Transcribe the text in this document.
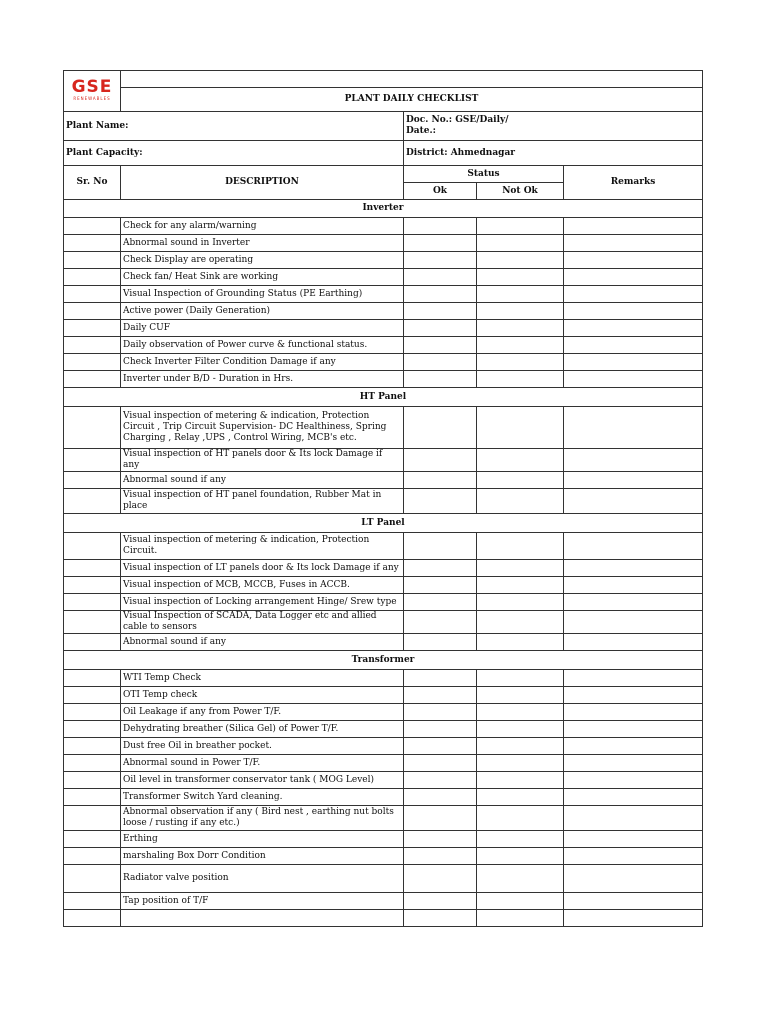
GSE
RENEWABLES				

	PLANT DAILY CHECKLIST			
Plant Name:		Doc. No.: GSE/Daily/
Date.:		

Plant Capacity:		District: Ahmednagar		
Sr. No	DESCRIPTION	Status		Remarks
		Ok	Not Ok	
Inverter				
	Check for any alarm/warning			
	Abnormal sound in Inverter			
	Check Display are operating			
	Check fan/ Heat Sink are working			
	Visual Inspection of Grounding Status (PE Earthing)			
	Active power (Daily Generation)			
	Daily CUF			
	Daily observation of Power curve & functional status.			
	Check Inverter Filter Condition Damage if any			
	Inverter under B/D - Duration in Hrs.			
HT Panel				
	Visual inspection of metering & indication, Protection Circuit , Trip Circuit Supervision- DC Healthiness, Spring Charging , Relay ,UPS , Control Wiring, MCB's etc.			
	Visual inspection of HT panels door & Its lock Damage if any			
	Abnormal sound if any			
	Visual inspection of HT panel foundation, Rubber Mat in place			
LT Panel				
	Visual inspection of metering & indication, Protection Circuit.			
	Visual inspection of LT panels door & Its lock Damage if any			
	Visual inspection of MCB, MCCB, Fuses in ACCB.			
	Visual inspection of Locking arrangement Hinge/ Srew type			
	Visual Inspection of SCADA, Data Logger etc and allied cable to sensors			
	Abnormal sound if any			
Transformer				
	WTI Temp Check			
	OTI Temp check			
	Oil Leakage if any from Power T/F.			
	Dehydrating breather (Silica Gel) of Power T/F.			
	Dust free Oil in breather pocket.			
	Abnormal sound in Power T/F.			
	Oil level in transformer conservator tank ( MOG Level)			
	Transformer Switch Yard cleaning.			
	Abnormal observation if any ( Bird nest , earthing nut bolts loose / rusting if any etc.)			
	Erthing			
	marshaling Box Dorr Condition			
	Radiator valve position			
	Tap position of T/F			
